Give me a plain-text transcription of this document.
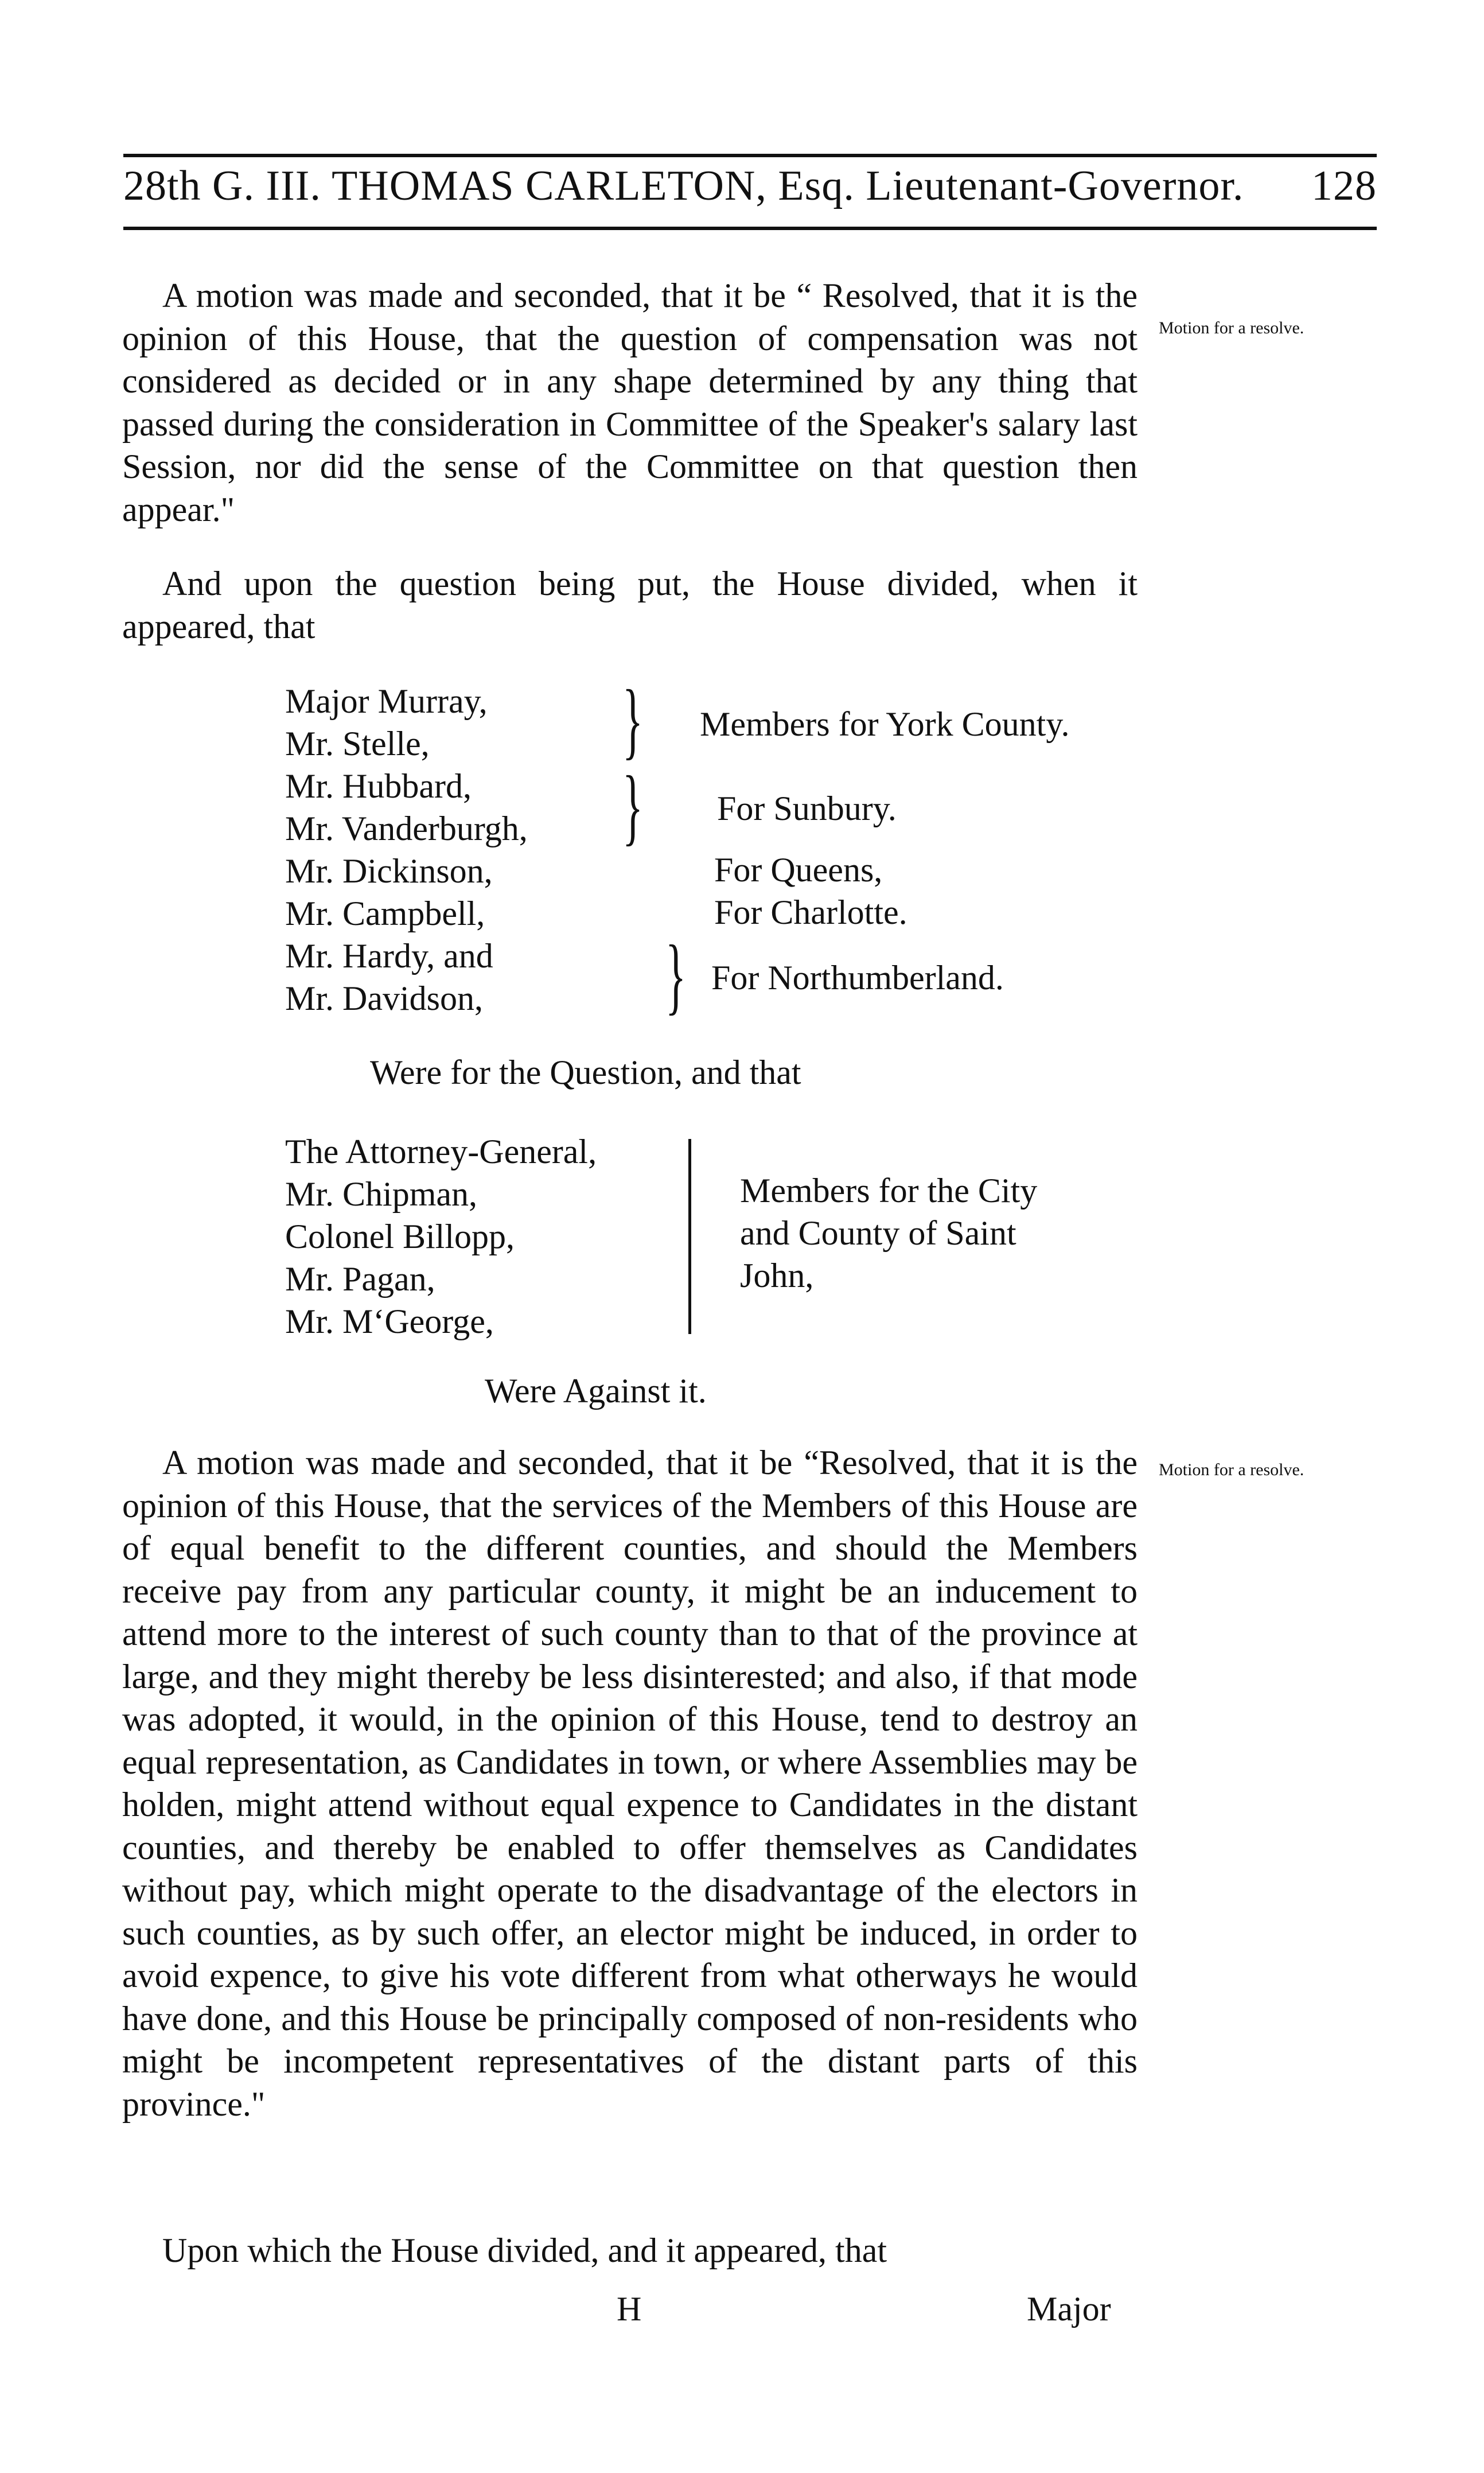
28th G. III. THOMAS CARLETON, Esq. Lieutenant-Governor. 128
A motion was made and seconded, that it be “ Resolved, that it is the opinion of this House, that the question of compensation was not considered as decided or in any shape determined by any thing that passed during the consideration in Committee of the Speaker's salary last Session, nor did the sense of the Committee on that question then appear."
Motion for a resolve.
And upon the question being put, the House divided, when it appeared, that
Major Murray,
Mr. Stelle,
Mr. Hubbard,
Mr. Vanderburgh,
Mr. Dickinson,
Mr. Campbell,
Mr. Hardy, and
Mr. Davidson,
} Members for York County.
} For Sunbury.
For Queens,
For Charlotte.
} For Northumberland.
Were for the Question, and that
The Attorney-General,
Mr. Chipman,
Colonel Billopp,
Mr. Pagan,
Mr. M‘George,
Members for the City
and County of Saint
John,
Were Against it.
A motion was made and seconded, that it be “Resolved, that it is the opinion of this House, that the services of the Members of this House are of equal benefit to the different counties, and should the Members receive pay from any particular county, it might be an inducement to attend more to the interest of such county than to that of the province at large, and they might thereby be less disinterested; and also, if that mode was adopted, it would, in the opinion of this House, tend to destroy an equal representation, as Candidates in town, or where Assemblies may be holden, might attend without equal expence to Candidates in the distant counties, and thereby be enabled to offer themselves as Candidates without pay, which might operate to the disadvantage of the electors in such counties, as by such offer, an elector might be induced, in order to avoid expence, to give his vote different from what otherways he would have done, and this House be principally composed of non-residents who might be incompetent representatives of the distant parts of this province."
Motion for a resolve.
Upon which the House divided, and it appeared, that
H	Major
